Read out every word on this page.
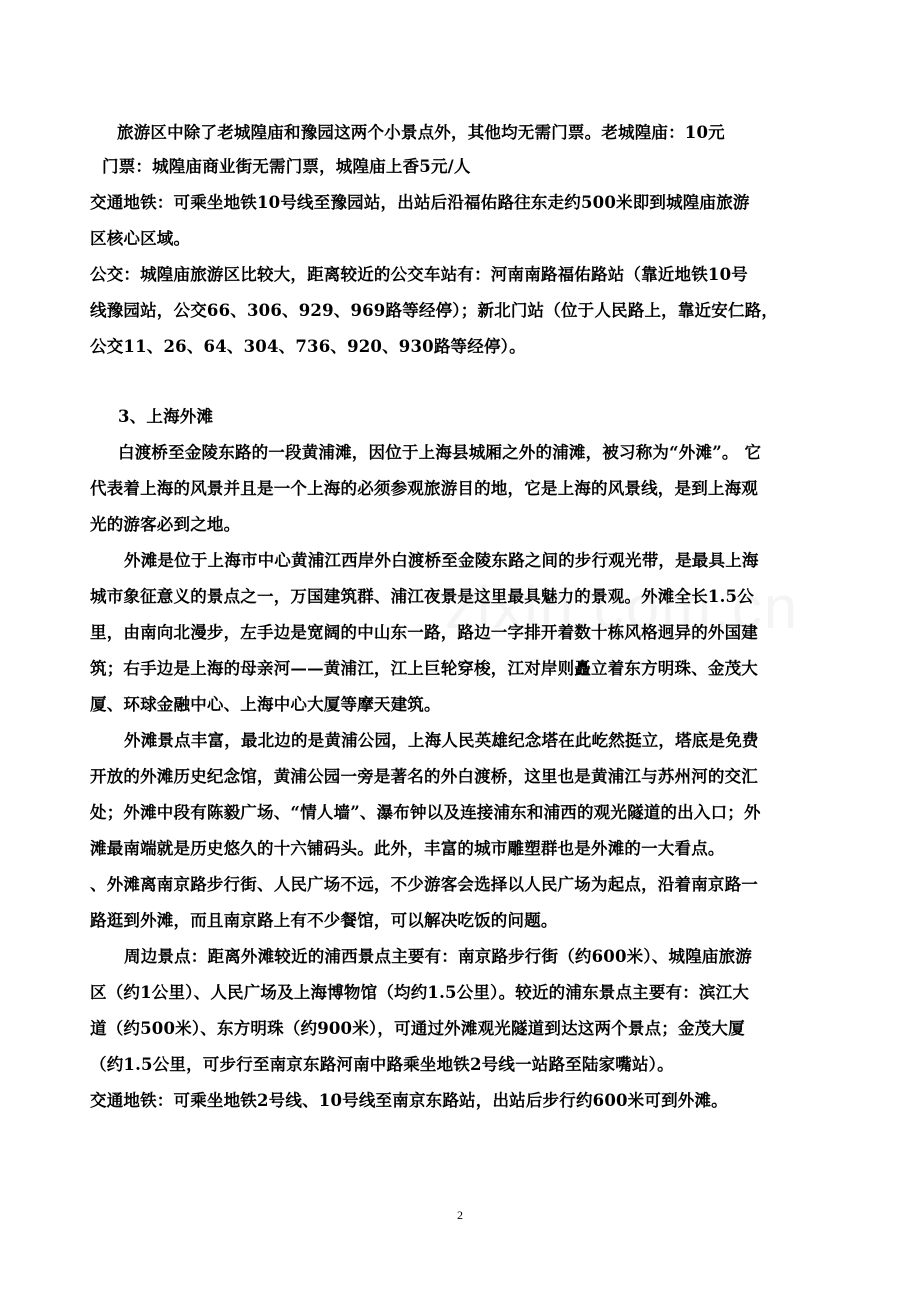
旅游区中除了老城隍庙和豫园这两个小景点外，其他均无需门票。老城隍庙：10元
门票：城隍庙商业街无需门票，城隍庙上香5元/人
交通地铁：可乘坐地铁10号线至豫园站，出站后沿福佑路往东走约500米即到城隍庙旅游
区核心区域。
公交：城隍庙旅游区比较大，距离较近的公交车站有：河南南路福佑路站（靠近地铁10号
线豫园站，公交66、306、929、969路等经停）；新北门站（位于人民路上，靠近安仁路，
公交11、26、64、304、736、920、930路等经停）。
3、上海外滩
白渡桥至金陵东路的一段黄浦滩，因位于上海县城厢之外的浦滩，被习称为“外滩”。 它
代表着上海的风景并且是一个上海的必须参观旅游目的地，它是上海的风景线，是到上海观
光的游客必到之地。
外滩是位于上海市中心黄浦江西岸外白渡桥至金陵东路之间的步行观光带，是最具上海
城市象征意义的景点之一，万国建筑群、浦江夜景是这里最具魅力的景观。外滩全长1.5公
里，由南向北漫步，左手边是宽阔的中山东一路，路边一字排开着数十栋风格迥异的外国建
筑；右手边是上海的母亲河——黄浦江，江上巨轮穿梭，江对岸则矗立着东方明珠、金茂大
厦、环球金融中心、上海中心大厦等摩天建筑。
外滩景点丰富，最北边的是黄浦公园，上海人民英雄纪念塔在此屹然挺立，塔底是免费
开放的外滩历史纪念馆，黄浦公园一旁是著名的外白渡桥，这里也是黄浦江与苏州河的交汇
处；外滩中段有陈毅广场、“情人墙”、瀑布钟以及连接浦东和浦西的观光隧道的出入口；外
滩最南端就是历史悠久的十六铺码头。此外，丰富的城市雕塑群也是外滩的一大看点。
、外滩离南京路步行街、人民广场不远，不少游客会选择以人民广场为起点，沿着南京路一
路逛到外滩，而且南京路上有不少餐馆，可以解决吃饭的问题。
周边景点：距离外滩较近的浦西景点主要有：南京路步行街（约600米）、城隍庙旅游
区（约1公里）、人民广场及上海博物馆（均约1.5公里）。较近的浦东景点主要有：滨江大
道（约500米）、东方明珠（约900米），可通过外滩观光隧道到达这两个景点；金茂大厦
（约1.5公里，可步行至南京东路河南中路乘坐地铁2号线一站路至陆家嘴站）。
交通地铁：可乘坐地铁2号线、10号线至南京东路站，出站后步行约600米可到外滩。
2
